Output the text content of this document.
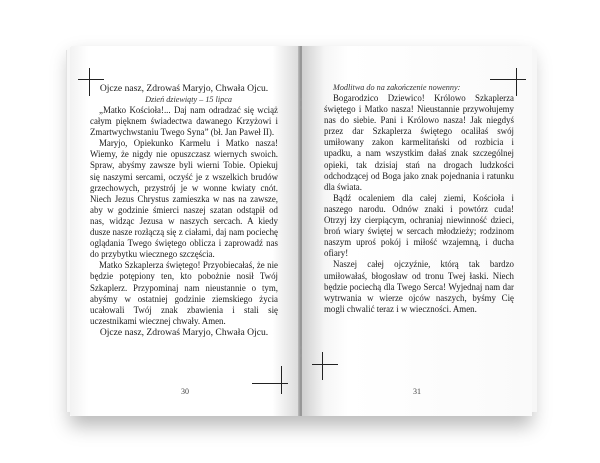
Ojcze nasz, Zdrowaś Maryjo, Chwała Ojcu.

Dzień dziewiąty – 15 lipca

„Matko Kościoła!... Daj nam odradzać się wciąż całym pięknem świadectwa dawanego Krzyżowi i Zmartwychwstaniu Twego Syna” (bł. Jan Paweł II).

Maryjo, Opiekunko Karmelu i Matko nasza! Wiemy, że nigdy nie opuszczasz wiernych swoich. Spraw, abyśmy zawsze byli wierni Tobie. Opiekuj się naszymi sercami, oczyść je z wszelkich brudów grzechowych, przystrój je w wonne kwiaty cnót. Niech Jezus Chrystus zamieszka w nas na zawsze, aby w godzinie śmierci naszej szatan odstąpił od nas, widząc Jezusa w naszych sercach. A kiedy dusze nasze rozłączą się z ciałami, daj nam pociechę oglądania Twego świętego oblicza i zaprowadź nas do przybytku wiecznego szczęścia.

Matko Szkaplerza świętego! Przyobiecałaś, że nie będzie potępiony ten, kto pobożnie nosił Twój Szkaplerz. Przypominaj nam nieustannie o tym, abyśmy w ostatniej godzinie ziemskiego życia ucałowali Twój znak zbawienia i stali się uczestnikami wiecznej chwały. Amen.

Ojcze nasz, Zdrowaś Maryjo, Chwała Ojcu.

30

Modlitwa do na zakończenie nowenny:

Bogarodzico Dziewico! Królowo Szkaplerza świętego i Matko nasza! Nieustannie przywołujemy nas do siebie. Pani i Królowo nasza! Jak niegdyś przez dar Szkaplerza świętego ocaliłaś swój umiłowany zakon karmelitański od rozbicia i upadku, a nam wszystkim dałaś znak szczególnej opieki, tak dzisiaj stań na drogach ludzkości odchodzącej od Boga jako znak pojednania i ratunku dla świata.

Bądź ocaleniem dla całej ziemi, Kościoła i naszego narodu. Odnów znaki i powtórz cuda! Otrzyj łzy cierpiącym, ochraniaj niewinność dzieci, broń wiary świętej w sercach młodzieży; rodzinom naszym uproś pokój i miłość wzajemną, i ducha ofiary!

Naszej całej ojczyźnie, którą tak bardzo umiłowałaś, błogosław od tronu Twej łaski. Niech będzie pociechą dla Twego Serca! Wyjednaj nam dar wytrwania w wierze ojców naszych, byśmy Cię mogli chwalić teraz i w wieczności. Amen.

31
